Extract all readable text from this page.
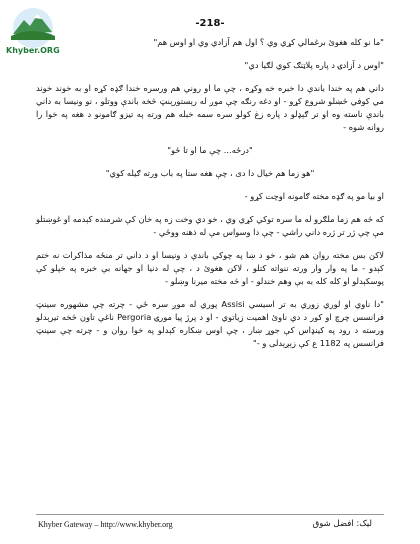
Khyber.ORG
-218-

"ما نو کله هغوئ برغمالي کړي وي ؟ اول هم آزادي وي او اوس هم"

"اوس د آزادۍ د پاره پلاټنګ کوي لګيا دي"

داني هم په خندا باندې دا خبره خه وکړه ، چې ما او روني هم ورسره خندا ګډه کړه او به خوند خوند مي کوفي څښلو شروع کړو - او دغه رنګه چې موږ له رېستورېنټ څخه باندې ووتلو ، نو ونيسا به داني باندې ناسته وه او تر ګېډلو د پاره زغ کولو سره سمه خبله هم ورته په تيزو ګامونو د هغه په خوا را روانه شوه -

"درځه... چې ما او تا ځو"

"هو زما هم خيال دا دی ، چې هغه ستا په باب ورته ګيله کوي"

او بيا مو په ګډه مخته ګامونه اوچت کړو -

که څه هم زما ملګرو له ما سره توکي کړي وي ، خو دي وخت زه په خان کې شرمنده کېدمه او غوښتلو مې چې ژر تر ژره داني راشي - چې دا وسواس مې له ذهنه ووځي -

لاکن بس مخته روان هم شو ، خو د ښا په چوکي باندې د ونيسا او د داني تر منځه مذاکرات نه ختم کېدو - ما په وار وار ورته ننواته کتلو ، لاکن هغوئ د ، چې له دنيا او جهانه بې خبره په خپلو کې پوسکېدلو او کله کله به بې وهم خندلو - او څه مخته ميرنا وښلو -

"دا ناوي او لوري زوري به تر اسيسي Assisi پوري له موږ سره ځي - چرته چې مشهوره سينټ فرانسس چرچ او کور د دي ناوئ اهميت زياتوي - او د پرژ پيا مورۍ Pergoria ناغي تاون څخه تيرېدلو ورسته د رود په کينډاس کې جوړ ښار ، چې اوس ښکاره کېدلو په خوا روان و - چرته چې سينټ فرانسس په 1182 ع کې زېږېدلی و -"

Khyber Gateway – http://www.khyber.org	ليک: افضل شوق
